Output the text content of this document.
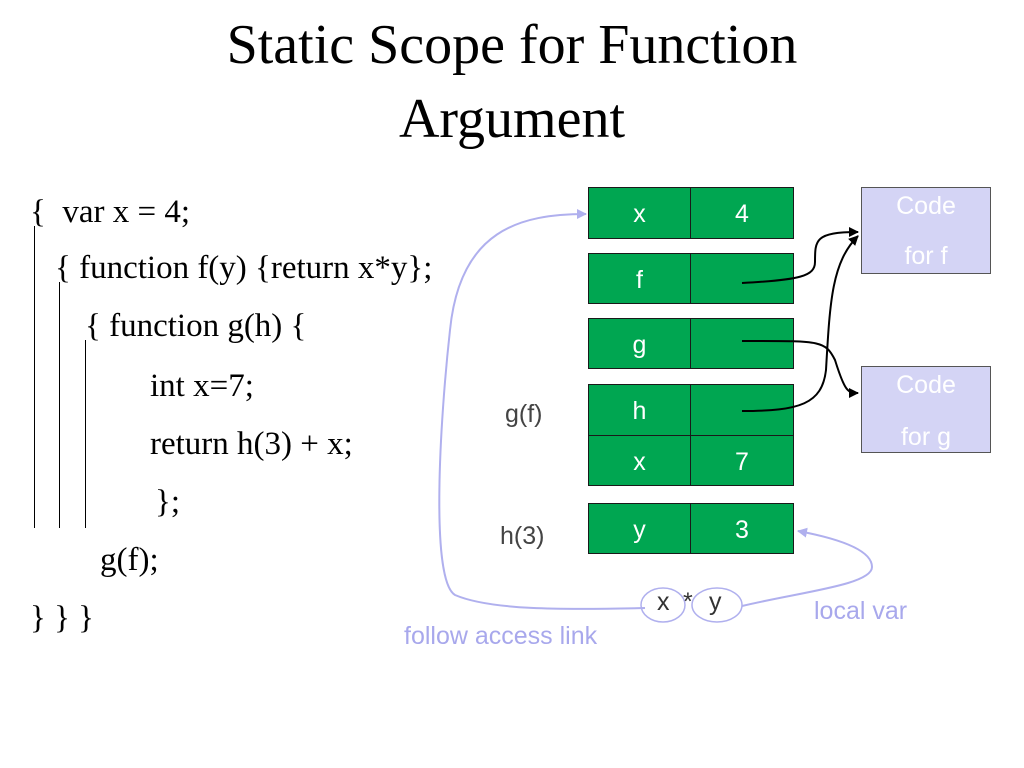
Static Scope for Function
Argument
{  var x = 4;
{ function f(y) {return x*y};
{ function g(h) {
int x=7;
return h(3) + x;
};
g(f);
} } }
x	4
f
g
h
x	7
y	3
g(f)
h(3)
Code
for f
Code
for g
x * y
follow access link
local var
